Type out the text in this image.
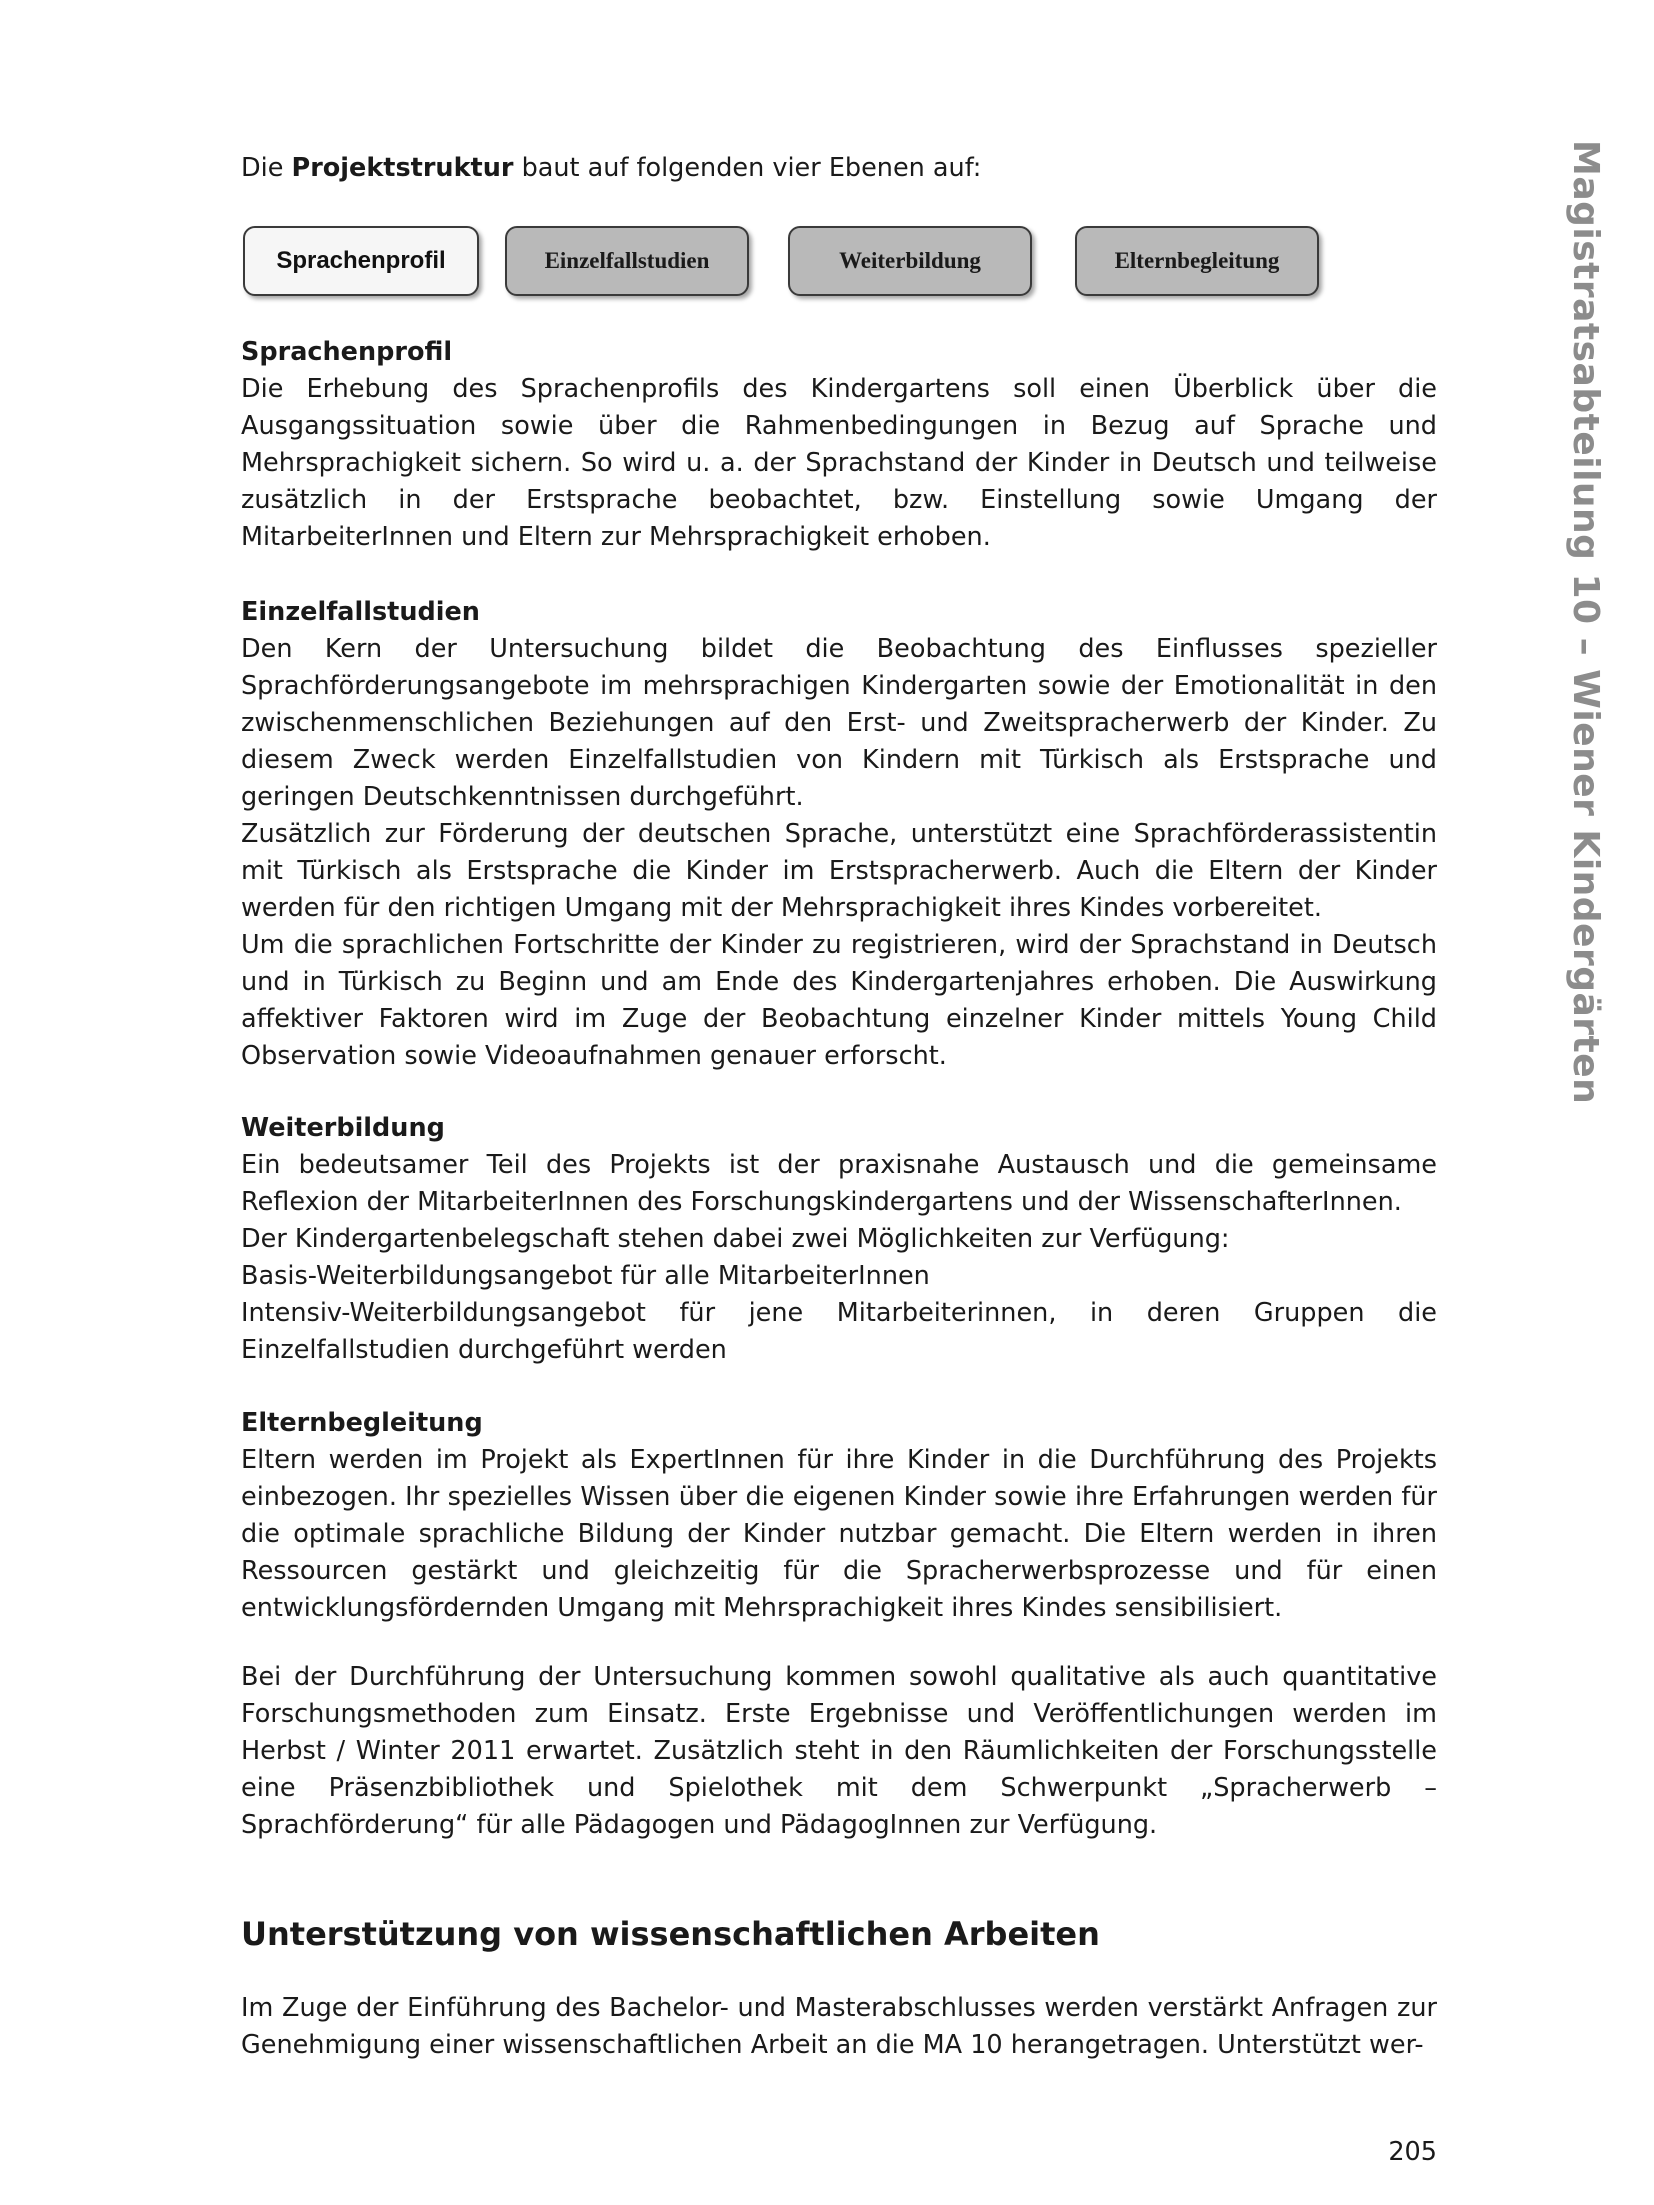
Die Projektstruktur baut auf folgenden vier Ebenen auf:

Sprachenprofil	Einzelfallstudien	Weiterbildung	Elternbegleitung

Sprachenprofil

Die Erhebung des Sprachenprofils des Kindergartens soll einen Überblick über die Ausgangssituation sowie über die Rahmenbedingungen in Bezug auf Sprache und Mehrsprachigkeit sichern. So wird u. a. der Sprachstand der Kinder in Deutsch und teilweise zusätzlich in der Erstsprache beobachtet, bzw. Einstellung sowie Umgang der MitarbeiterInnen und Eltern zur Mehrsprachigkeit erhoben.

Einzelfallstudien

Den Kern der Untersuchung bildet die Beobachtung des Einflusses spezieller Sprachförderungsangebote im mehrsprachigen Kindergarten sowie der Emotionalität in den zwischenmenschlichen Beziehungen auf den Erst- und Zweitspracherwerb der Kinder. Zu diesem Zweck werden Einzelfallstudien von Kindern mit Türkisch als Erstsprache und geringen Deutschkenntnissen durchgeführt.

Zusätzlich zur Förderung der deutschen Sprache, unterstützt eine Sprachförderassistentin mit Türkisch als Erstsprache die Kinder im Erstspracherwerb. Auch die Eltern der Kinder werden für den richtigen Umgang mit der Mehrsprachigkeit ihres Kindes vorbereitet.

Um die sprachlichen Fortschritte der Kinder zu registrieren, wird der Sprachstand in Deutsch und in Türkisch zu Beginn und am Ende des Kindergartenjahres erhoben. Die Auswirkung affektiver Faktoren wird im Zuge der Beobachtung einzelner Kinder mittels Young Child Observation sowie Videoaufnahmen genauer erforscht.

Weiterbildung

Ein bedeutsamer Teil des Projekts ist der praxisnahe Austausch und die gemeinsame Reflexion der MitarbeiterInnen des Forschungskindergartens und der WissenschafterInnen.

Der Kindergartenbelegschaft stehen dabei zwei Möglichkeiten zur Verfügung:

Basis-Weiterbildungsangebot für alle MitarbeiterInnen

Intensiv-Weiterbildungsangebot für jene Mitarbeiterinnen, in deren Gruppen die Einzelfallstudien durchgeführt werden

Elternbegleitung

Eltern werden im Projekt als ExpertInnen für ihre Kinder in die Durchführung des Projekts einbezogen. Ihr spezielles Wissen über die eigenen Kinder sowie ihre Erfahrungen werden für die optimale sprachliche Bildung der Kinder nutzbar gemacht. Die Eltern werden in ihren Ressourcen gestärkt und gleichzeitig für die Spracherwerbsprozesse und für einen entwicklungsfördernden Umgang mit Mehrsprachigkeit ihres Kindes sensibilisiert.

Bei der Durchführung der Untersuchung kommen sowohl qualitative als auch quantitative Forschungsmethoden zum Einsatz. Erste Ergebnisse und Veröffentlichungen werden im Herbst / Winter 2011 erwartet. Zusätzlich steht in den Räumlichkeiten der Forschungsstelle eine Präsenzbibliothek und Spielothek mit dem Schwerpunkt „Spracherwerb – Sprachförderung“ für alle Pädagogen und PädagogInnen zur Verfügung.

Unterstützung von wissenschaftlichen Arbeiten

Im Zuge der Einführung des Bachelor- und Masterabschlusses werden verstärkt Anfragen zur Genehmigung einer wissenschaftlichen Arbeit an die MA 10 herangetragen. Unterstützt wer-

205
Magistratsabteilung 10 – Wiener Kindergärten
